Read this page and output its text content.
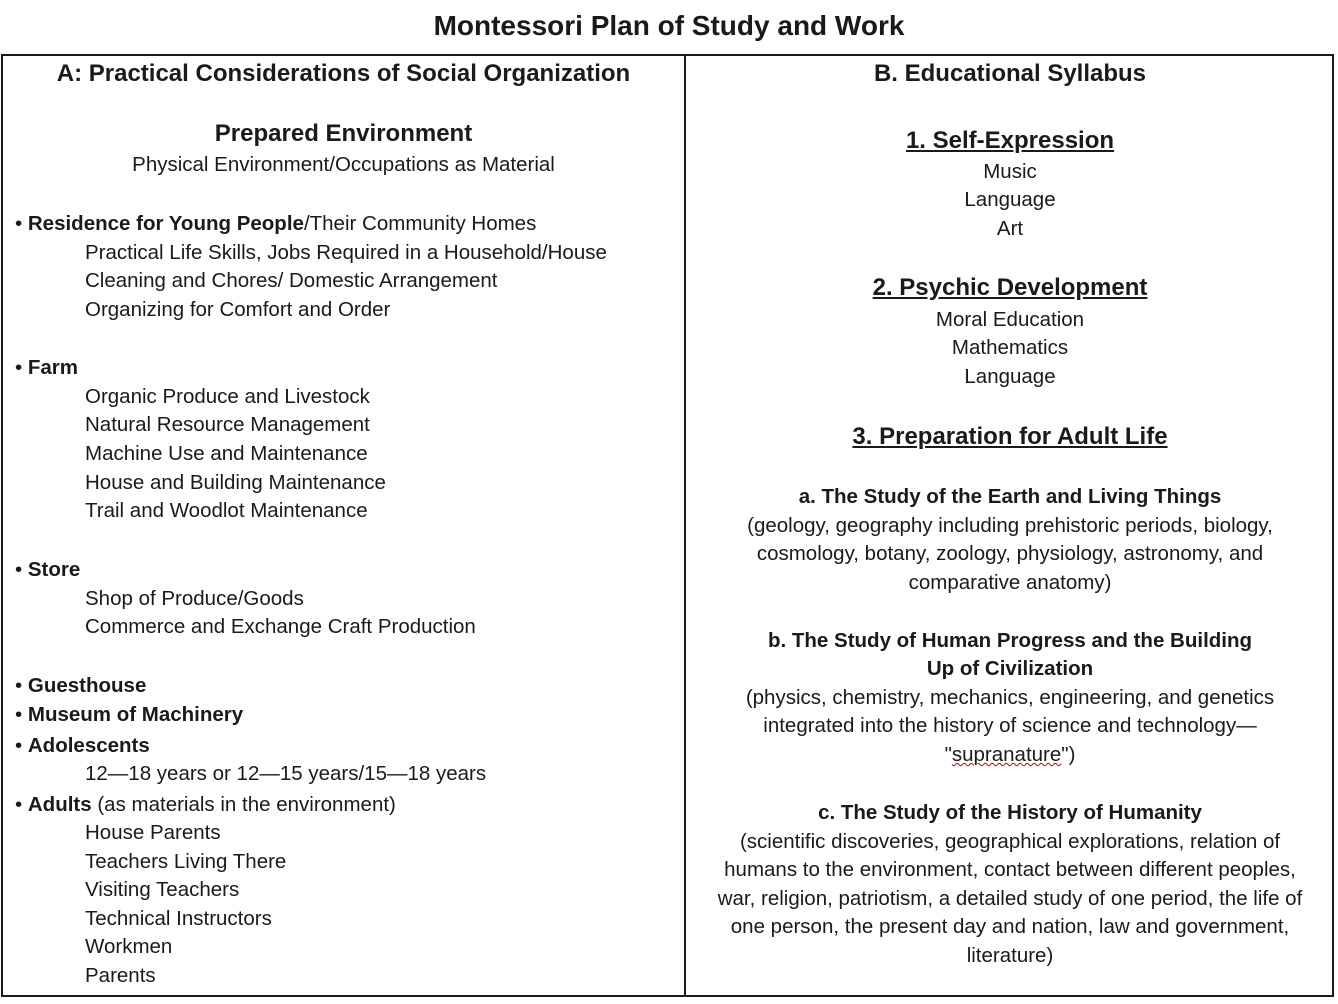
Montessori Plan of Study and Work
A: Practical Considerations of Social Organization
Prepared Environment
Physical Environment/Occupations as Material
• Residence for Young People/Their Community Homes
Practical Life Skills, Jobs Required in a Household/House
Cleaning and Chores/ Domestic Arrangement
Organizing for Comfort and Order
• Farm
Organic Produce and Livestock
Natural Resource Management
Machine Use and Maintenance
House and Building Maintenance
Trail and Woodlot Maintenance
• Store
Shop of Produce/Goods
Commerce and Exchange Craft Production
• Guesthouse
• Museum of Machinery
• Adolescents
12—18 years or 12—15 years/15—18 years
• Adults (as materials in the environment)
House Parents
Teachers Living There
Visiting Teachers
Technical Instructors
Workmen
Parents
B. Educational Syllabus
1. Self-Expression
Music
Language
Art
2. Psychic Development
Moral Education
Mathematics
Language
3. Preparation for Adult Life
a. The Study of the Earth and Living Things
(geology, geography including prehistoric periods, biology,
cosmology, botany, zoology, physiology, astronomy, and
comparative anatomy)
b. The Study of Human Progress and the Building
Up of Civilization
(physics, chemistry, mechanics, engineering, and genetics
integrated into the history of science and technology—
"supranature")
c. The Study of the History of Humanity
(scientific discoveries, geographical explorations, relation of
humans to the environment, contact between different peoples,
war, religion, patriotism, a detailed study of one period, the life of
one person, the present day and nation, law and government,
literature)
